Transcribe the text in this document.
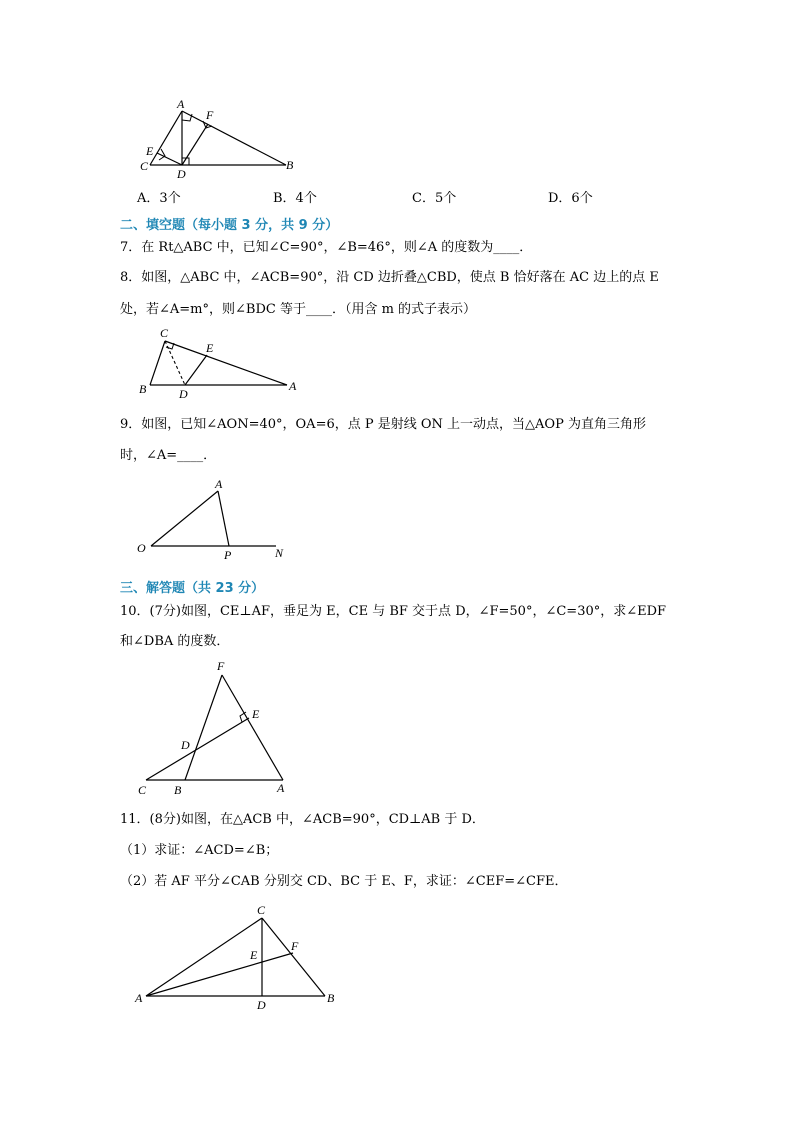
A
F
E
C
D
B
A．3个	B．4个	C．5个	D．6个
二、填空题（每小题 3 分，共 9 分）
7．在 Rt△ABC 中，已知∠C=90°，∠B=46°，则∠A 的度数为____．
8．如图，△ABC 中，∠ACB=90°，沿 CD 边折叠△CBD，使点 B 恰好落在 AC 边上的点 E
处，若∠A=m°，则∠BDC 等于____．（用含 m 的式子表示）
C
E
B	D
A
9．如图，已知∠AON=40°，OA=6，点 P 是射线 ON 上一动点，当△AOP 为直角三角形
时，∠A=____．
A
O	P	N
三、解答题（共 23 分）
10．(7分)如图，CE⊥AF，垂足为 E，CE 与 BF 交于点 D，∠F=50°，∠C=30°，求∠EDF
和∠DBA 的度数．
F
E
D
C B	A
11．(8分)如图，在△ACB 中，∠ACB=90°，CD⊥AB 于 D．
（1）求证：∠ACD=∠B；
（2）若 AF 平分∠CAB 分别交 CD、BC 于 E、F，求证：∠CEF=∠CFE．
C
F
E
A	D	B
